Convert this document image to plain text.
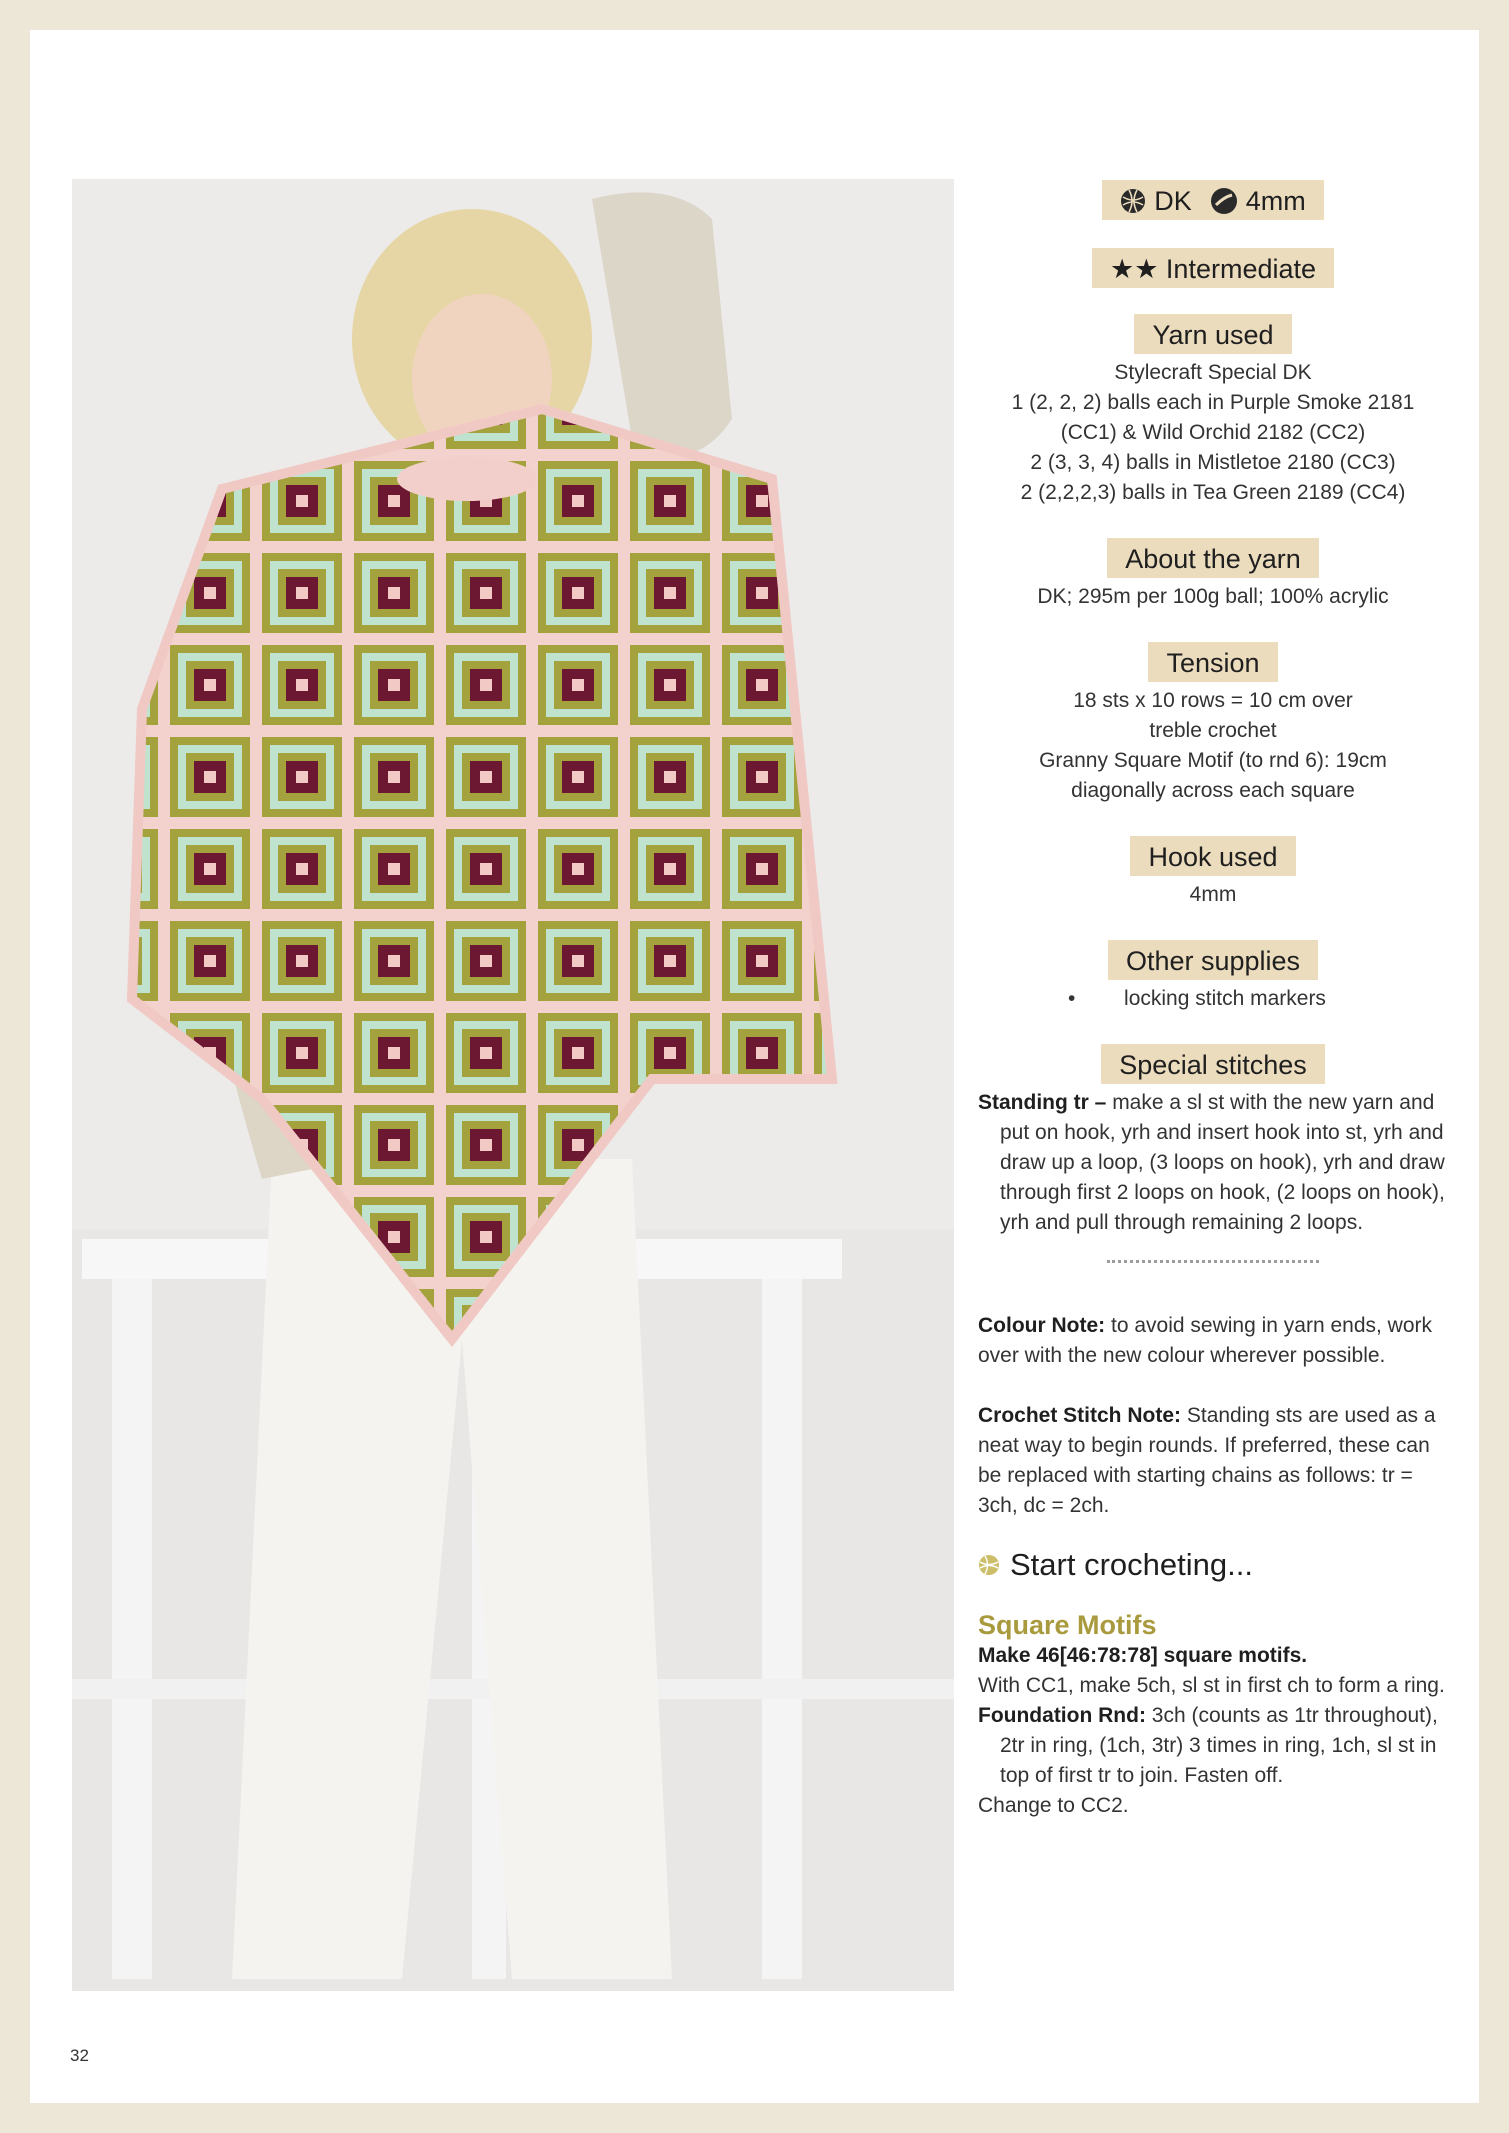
DK 4mm
★★ Intermediate
Yarn used
Stylecraft Special DK
1 (2, 2, 2) balls each in Purple Smoke 2181
(CC1) & Wild Orchid 2182 (CC2)
2 (3, 3, 4) balls in Mistletoe 2180 (CC3)
2 (2,2,2,3) balls in Tea Green 2189 (CC4)
About the yarn
DK; 295m per 100g ball; 100% acrylic
Tension
18 sts x 10 rows = 10 cm over
treble crochet
Granny Square Motif (to rnd 6): 19cm
diagonally across each square
Hook used
4mm
Other supplies
• locking stitch markers
Special stitches
Standing tr – make a sl st with the new yarn and put on hook, yrh and insert hook into st, yrh and draw up a loop, (3 loops on hook), yrh and draw through first 2 loops on hook, (2 loops on hook), yrh and pull through remaining 2 loops.
Colour Note: to avoid sewing in yarn ends, work over with the new colour wherever possible.
Crochet Stitch Note: Standing sts are used as a neat way to begin rounds. If preferred, these can be replaced with starting chains as follows: tr = 3ch, dc = 2ch.
Start crocheting...
Square Motifs
Make 46[46:78:78] square motifs.
With CC1, make 5ch, sl st in first ch to form a ring.
Foundation Rnd: 3ch (counts as 1tr throughout), 2tr in ring, (1ch, 3tr) 3 times in ring, 1ch, sl st in top of first tr to join. Fasten off.
Change to CC2.
32
